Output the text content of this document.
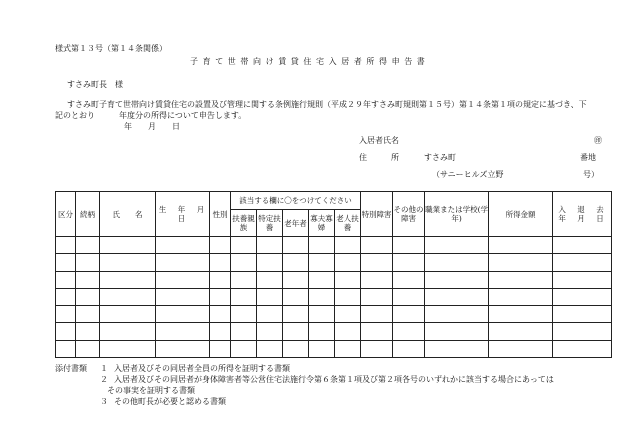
様式第１３号（第１４条関係）
子育て世帯向け賃貸住宅入居者所得申告書
すさみ町長　様
すさみ町子育て世帯向け賃貸住宅の設置及び管理に関する条例施行規則（平成２９年すさみ町規則第１５号）第１４条第１項の規定に基づき、下
記のとおり　　　年度分の所得について申告します。
年　　月　　日
入居者氏名	㊞
住　　　所	すさみ町	番地
（サニーヒルズ立野	号）
区分	続柄	氏　　名	生　年　月　日	性別	該当する欄に〇をつけてください					特別障害	その他の障害	職業または学校(学年)	所得金額	入　退　去　年　月　日
					扶養親族	特定扶養	老年者	寡夫寡婦	老人扶養					

添付書類 １ 入居者及びその同居者全員の所得を証明する書類
２ 入居者及びその同居者が身体障害者等公営住宅法施行令第６条第１項及び第２項各号のいずれかに該当する場合にあっては
その事実を証明する書類
３ その他町長が必要と認める書類
